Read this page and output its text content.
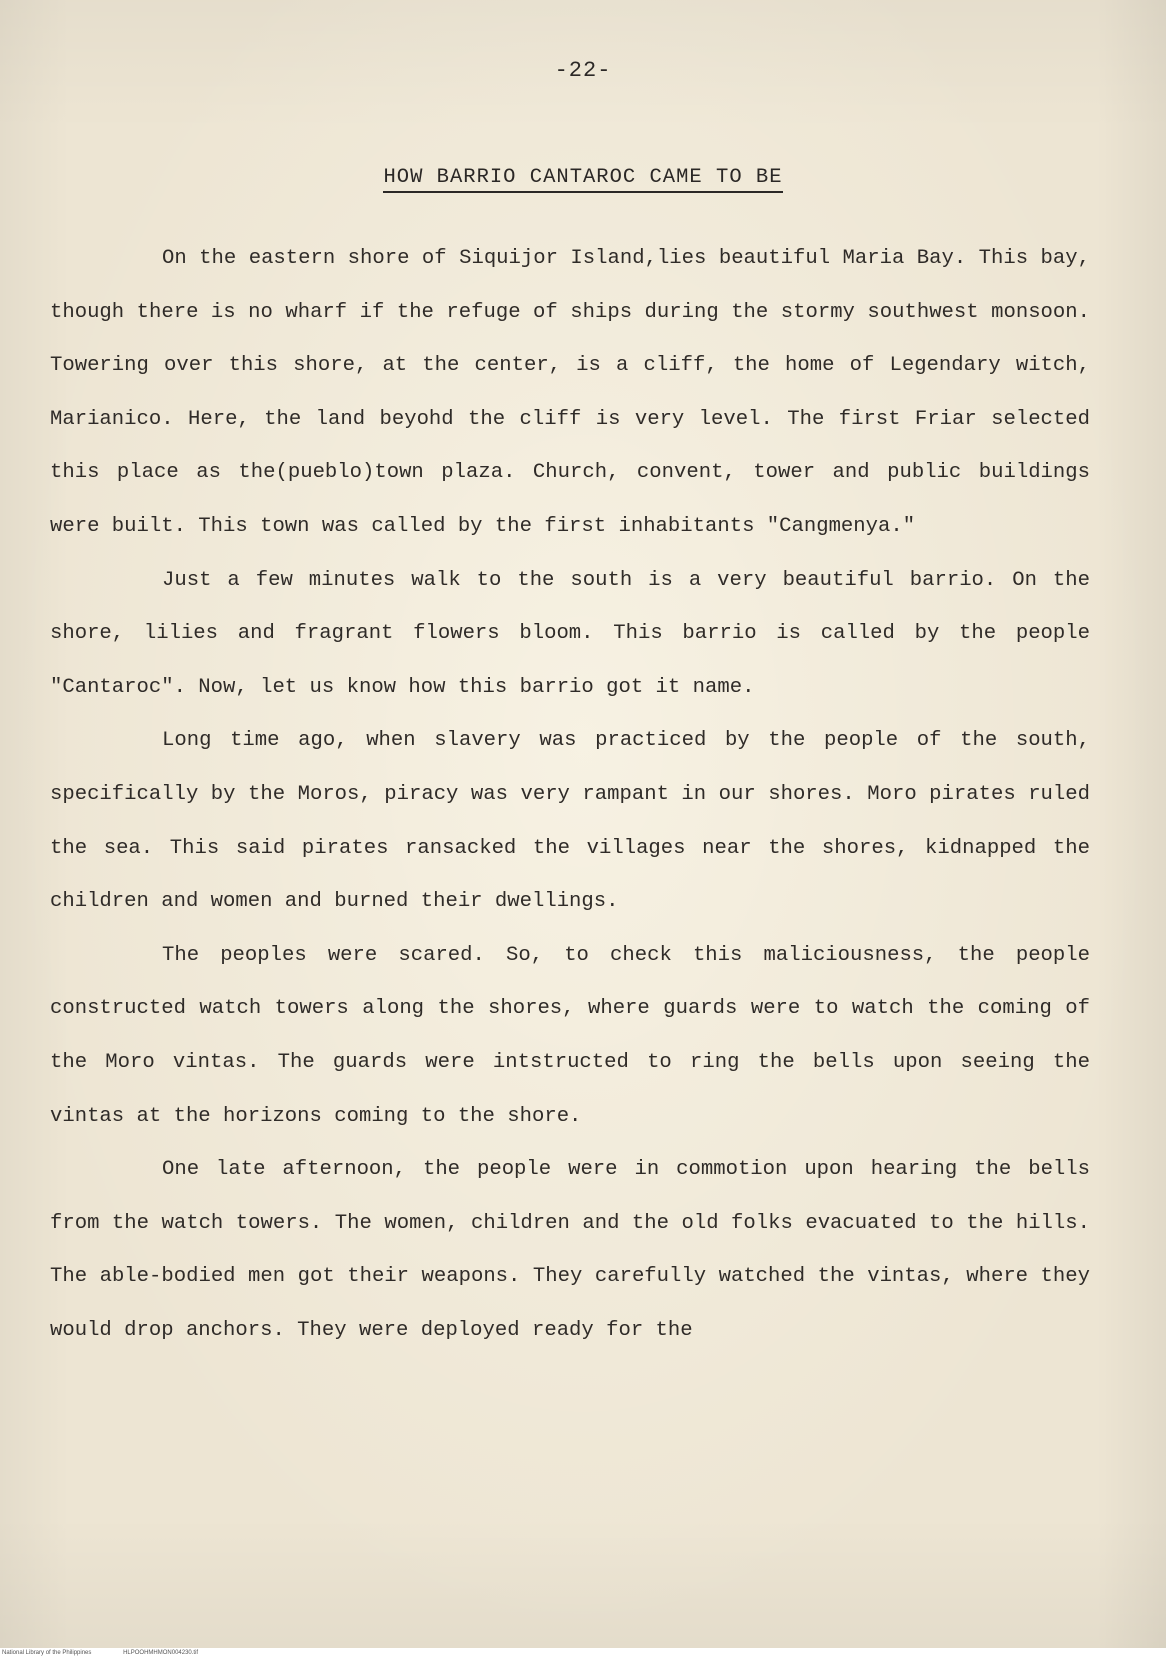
-22-
HOW BARRIO CANTAROC CAME TO BE

On the eastern shore of Siquijor Island,lies beautiful Maria Bay. This bay, though there is no wharf if the refuge of ships during the stormy southwest monsoon. Towering over this shore, at the center, is a cliff, the home of Legendary witch, Marianico. Here, the land beyohd the cliff is very level. The first Friar selected this place as the(pueblo)town plaza. Church, convent, tower and public buildings were built. This town was called by the first inhabitants "Cangmenya."

Just a few minutes walk to the south is a very beautiful barrio. On the shore, lilies and fragrant flowers bloom. This barrio is called by the people "Cantaroc". Now, let us know how this barrio got it name.

Long time ago, when slavery was practiced by the people of the south, specifically by the Moros, piracy was very rampant in our shores. Moro pirates ruled the sea. This said pirates ransacked the villages near the shores, kidnapped the children and women and burned their dwellings.

The peoples were scared. So, to check this maliciousness, the people constructed watch towers along the shores, where guards were to watch the coming of the Moro vintas. The guards were intstructed to ring the bells upon seeing the vintas at the horizons coming to the shore.

One late afternoon, the people were in commotion upon hearing the bells from the watch towers. The women, children and the old folks evacuated to the hills. The able-bodied men got their weapons. They carefully watched the vintas, where they would drop anchors. They were deployed ready for the

National Library of the Philippines	HLPOOHMHMON004230.tif
